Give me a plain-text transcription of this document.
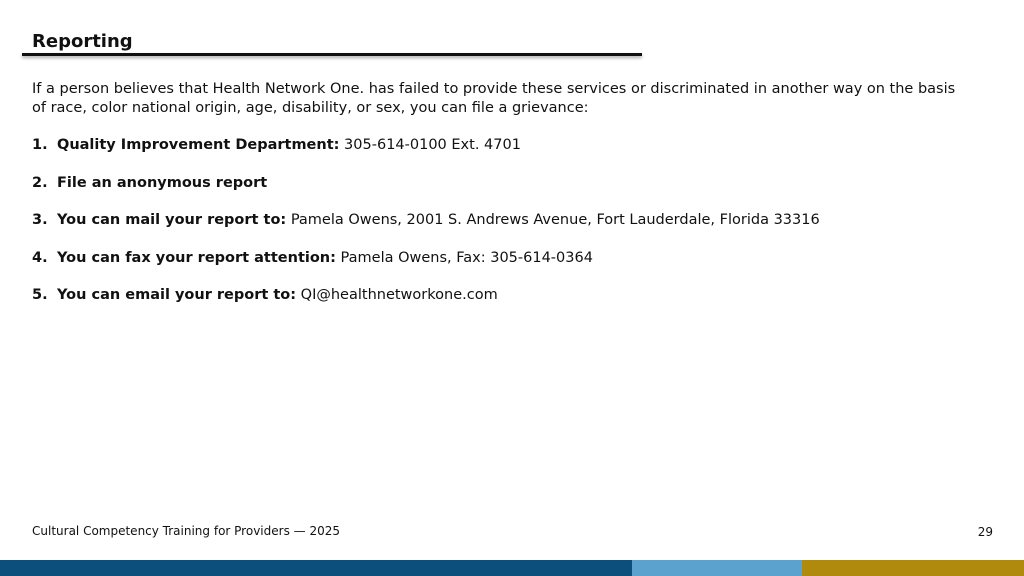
Reporting

If a person believes that Health Network One. has failed to provide these services or discriminated in another way on the basis of race, color national origin, age, disability, or sex, you can file a grievance:

1. Quality Improvement Department: 305-614-0100 Ext. 4701
2. File an anonymous report
3. You can mail your report to: Pamela Owens, 2001 S. Andrews Avenue, Fort Lauderdale, Florida 33316
4. You can fax your report attention: Pamela Owens, Fax: 305-614-0364
5. You can email your report to: QI@healthnetworkone.com
Cultural Competency Training for Providers — 2025	29
